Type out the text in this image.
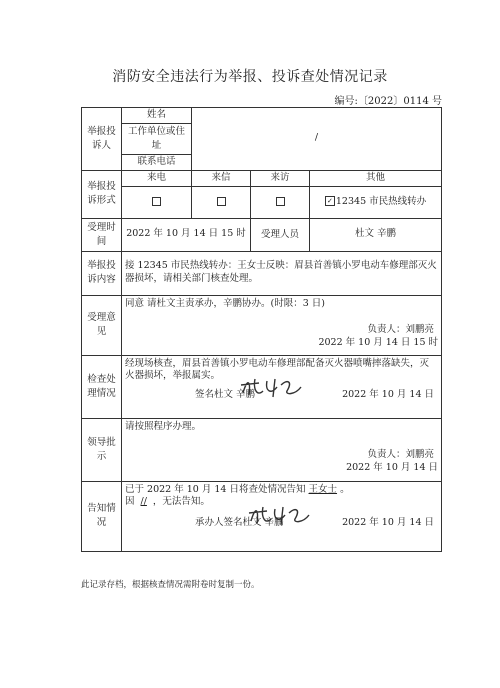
消防安全违法行为举报、投诉查处情况记录
编号:〔2022〕0114 号
举报投诉人	姓名	/		
	工作单位或住址			
	联系电话			
举报投诉形式	来电	来信	来访	其他
				✓ 12345 市民热线转办
受理时间	2022 年 10 月 14 日 15 时		受理人员	杜文 辛鹏
举报投诉内容	接 12345 市民热线转办：王女士反映：眉县首善镇小罗电动车修理部灭火器损坏，请相关部门核查处理。			
受理意见	同意 请杜文主责承办，辛鹏协办。(时限：3 日)
负责人：刘鹏亮
2022 年 10 月 14 日 15 时			

检查处理情况	经现场核查，眉县首善镇小罗电动车修理部配备灭火器喷嘴摔落缺失，灭火器损坏，举报属实。
签名杜文 辛鹏 2022 年 10 月 14 日			

领导批示	请按照程序办理。
负责人：刘鹏亮
2022 年 10 月 14 日			

告知情况	已于 2022 年 10 月 14 日将查处情况告知 王女士 。
因 // ，无法告知。
承办人签名杜文 辛鹏 2022 年 10 月 14 日			
此记录存档，根据核查情况需附卷时复制一份。
